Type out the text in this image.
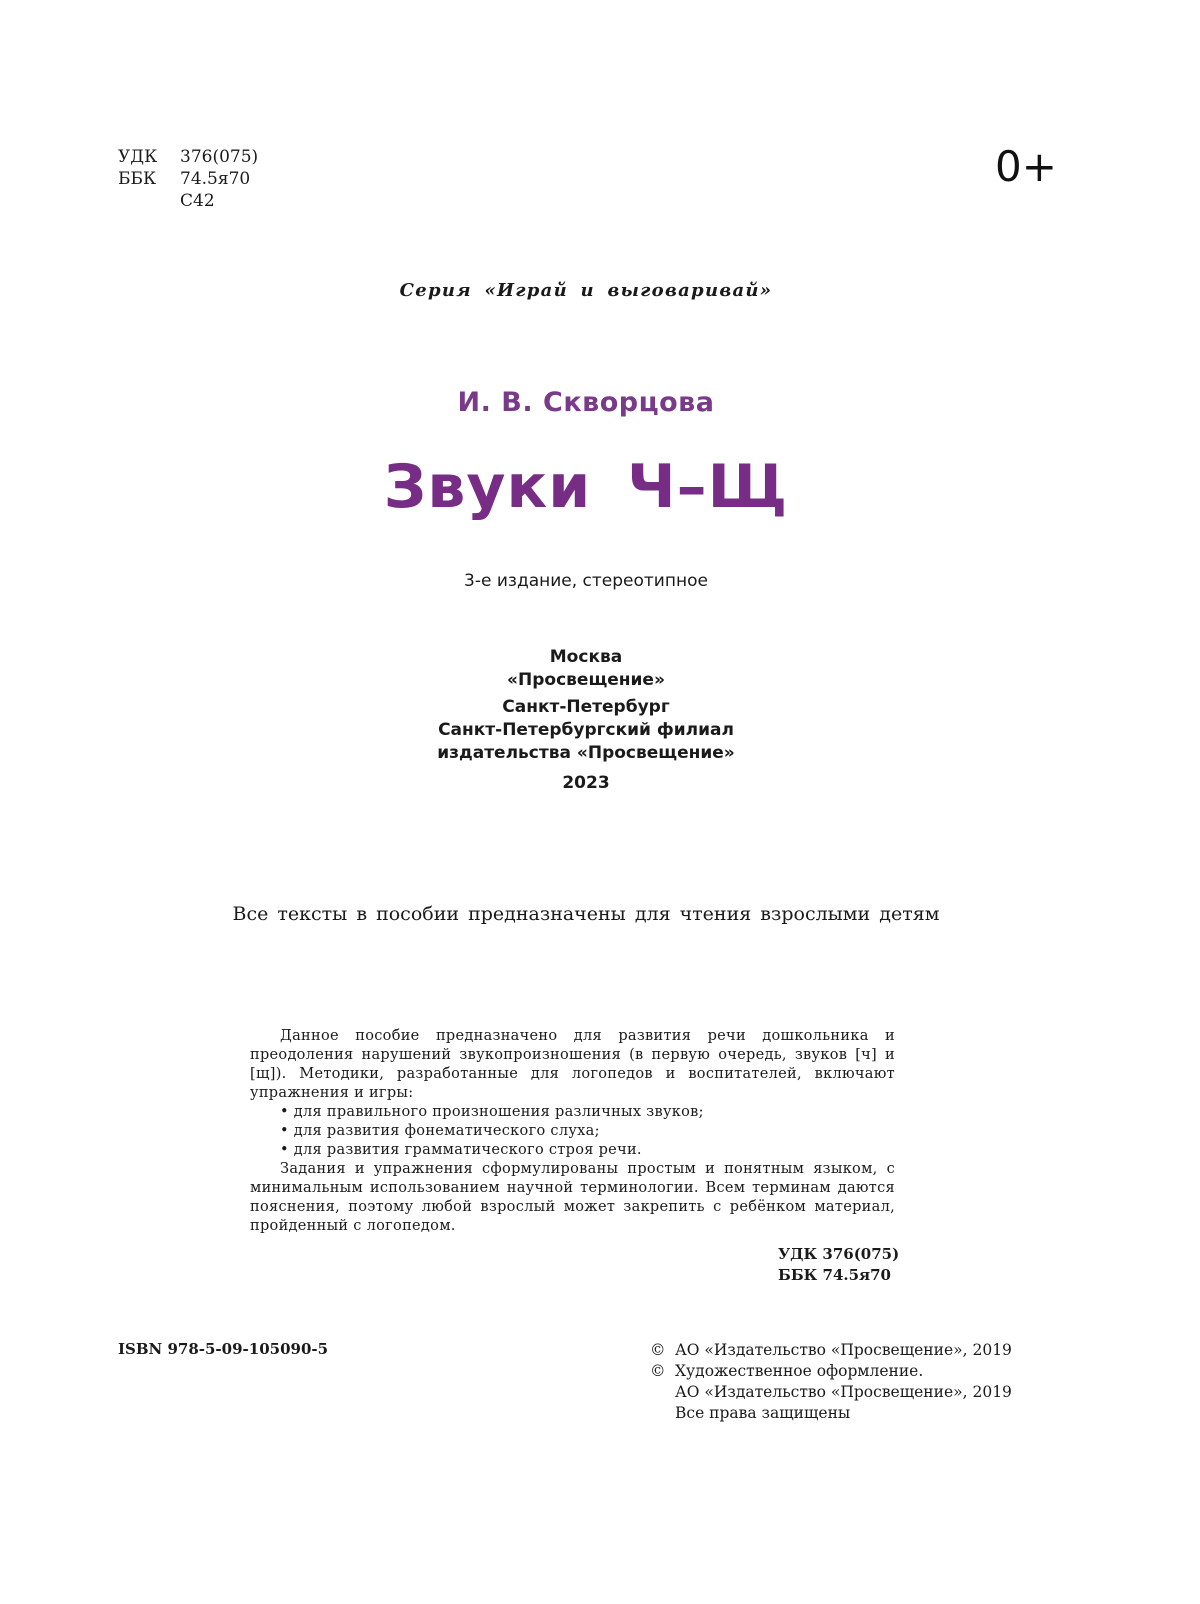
УДК	376(075)
ББК	74.5я70
С42
0+
Серия «Играй и выговаривай»
И. В. Скворцова
Звуки Ч–Щ
3-е издание, стереотипное
Москва
«Просвещение»
Санкт-Петербург
Санкт-Петербургский филиал
издательства «Просвещение»
2023
Все тексты в пособии предназначены для чтения взрослыми детям

Данное пособие предназначено для развития речи дошкольника и преодоления нарушений звукопроизношения (в первую очередь, звуков [ч] и [щ]). Методики, разработанные для логопедов и воспитателей, включают упражнения и игры:

• для правильного произношения различных звуков;

• для развития фонематического слуха;

• для развития грамматического строя речи.

Задания и упражнения сформулированы простым и понятным языком, с минимальным использованием научной терминологии. Всем терминам даются пояснения, поэтому любой взрослый может закрепить с ребёнком материал, пройденный с логопедом.

УДК 376(075)
ББК 74.5я70
ISBN 978-5-09-105090-5	© АО «Издательство «Просвещение», 2019
© Художественное оформление.
АО «Издательство «Просвещение», 2019
Все права защищены
